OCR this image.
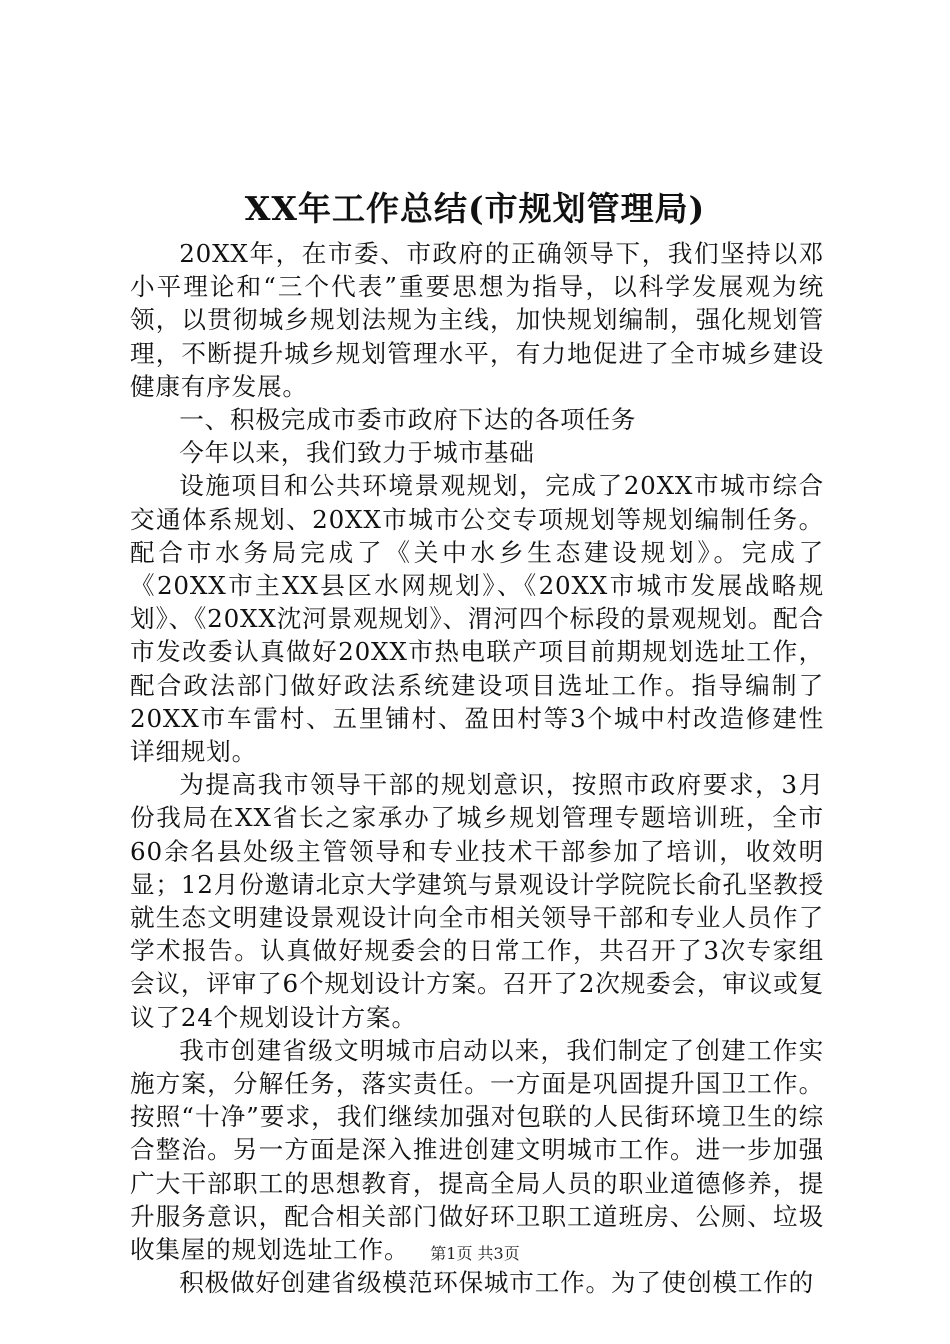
XX年工作总结(市规划管理局)

20XX年，在市委、市政府的正确领导下，我们坚持以邓小平理论和“三个代表”重要思想为指导，以科学发展观为统领，以贯彻城乡规划法规为主线，加快规划编制，强化规划管理，不断提升城乡规划管理水平，有力地促进了全市城乡建设健康有序发展。

一、积极完成市委市政府下达的各项任务

今年以来，我们致力于城市基础

设施项目和公共环境景观规划，完成了20XX市城市综合交通体系规划、20XX市城市公交专项规划等规划编制任务。配合市水务局完成了《关中水乡生态建设规划》。完成了《20XX市主XX县区水网规划》、《20XX市城市发展战略规划》、《20XX沈河景观规划》、渭河四个标段的景观规划。配合市发改委认真做好20XX市热电联产项目前期规划选址工作，配合政法部门做好政法系统建设项目选址工作。指导编制了20XX市车雷村、五里铺村、盈田村等3个城中村改造修建性详细规划。

为提高我市领导干部的规划意识，按照市政府要求，3月份我局在XX省长之家承办了城乡规划管理专题培训班，全市60余名县处级主管领导和专业技术干部参加了培训，收效明显；12月份邀请北京大学建筑与景观设计学院院长俞孔坚教授就生态文明建设景观设计向全市相关领导干部和专业人员作了学术报告。认真做好规委会的日常工作，共召开了3次专家组会议，评审了6个规划设计方案。召开了2次规委会，审议或复议了24个规划设计方案。

我市创建省级文明城市启动以来，我们制定了创建工作实施方案，分解任务，落实责任。一方面是巩固提升国卫工作。按照“十净”要求，我们继续加强对包联的人民街环境卫生的综合整治。另一方面是深入推进创建文明城市工作。进一步加强广大干部职工的思想教育，提高全局人员的职业道德修养，提升服务意识，配合相关部门做好环卫职工道班房、公厕、垃圾收集屋的规划选址工作。

积极做好创建省级模范环保城市工作。为了使创模工作的

第1页 共3页
